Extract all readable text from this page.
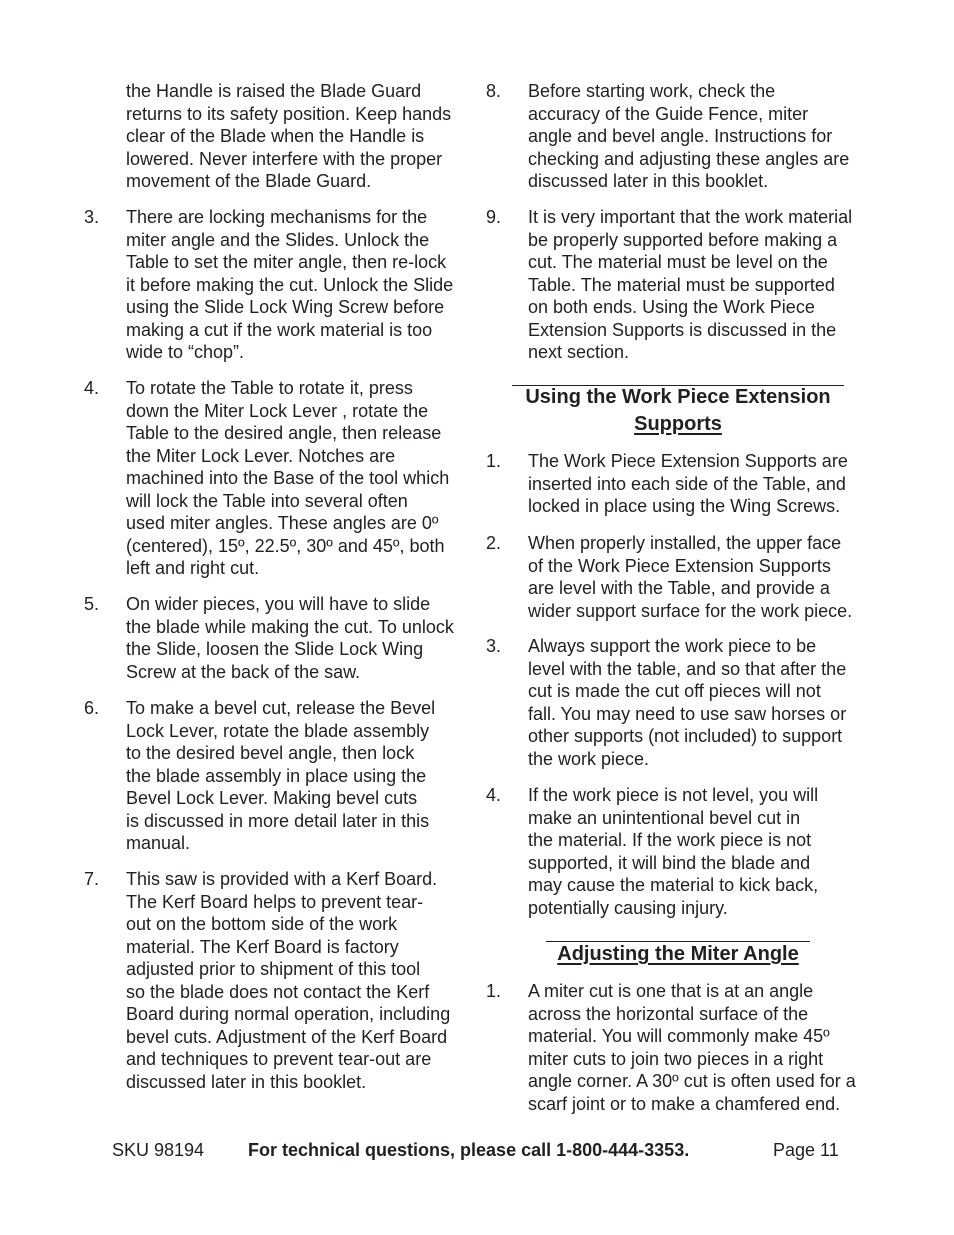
the Handle is raised the Blade Guard
returns to its safety position. Keep hands
clear of the Blade when the Handle is
lowered. Never interfere with the proper
movement of the Blade Guard.

3. There are locking mechanisms for the
miter angle and the Slides. Unlock the
Table to set the miter angle, then re-lock
it before making the cut. Unlock the Slide
using the Slide Lock Wing Screw before
making a cut if the work material is too
wide to “chop”.

4. To rotate the Table to rotate it, press
down the Miter Lock Lever , rotate the
Table to the desired angle, then release
the Miter Lock Lever. Notches are
machined into the Base of the tool which
will lock the Table into several often
used miter angles. These angles are 0º
(centered), 15º, 22.5º, 30º and 45º, both
left and right cut.

5. On wider pieces, you will have to slide
the blade while making the cut. To unlock
the Slide, loosen the Slide Lock Wing
Screw at the back of the saw.

6. To make a bevel cut, release the Bevel
Lock Lever, rotate the blade assembly
to the desired bevel angle, then lock
the blade assembly in place using the
Bevel Lock Lever. Making bevel cuts
is discussed in more detail later in this
manual.

7. This saw is provided with a Kerf Board.
The Kerf Board helps to prevent tear-
out on the bottom side of the work
material. The Kerf Board is factory
adjusted prior to shipment of this tool
so the blade does not contact the Kerf
Board during normal operation, including
bevel cuts. Adjustment of the Kerf Board
and techniques to prevent tear-out are
discussed later in this booklet.

8. Before starting work, check the
accuracy of the Guide Fence, miter
angle and bevel angle. Instructions for
checking and adjusting these angles are
discussed later in this booklet.

9. It is very important that the work material
be properly supported before making a
cut. The material must be level on the
Table. The material must be supported
on both ends. Using the Work Piece
Extension Supports is discussed in the
next section.

Using the Work Piece Extension
Supports

1. The Work Piece Extension Supports are
inserted into each side of the Table, and
locked in place using the Wing Screws.

2. When properly installed, the upper face
of the Work Piece Extension Supports
are level with the Table, and provide a
wider support surface for the work piece.

3. Always support the work piece to be
level with the table, and so that after the
cut is made the cut off pieces will not
fall. You may need to use saw horses or
other supports (not included) to support
the work piece.

4. If the work piece is not level, you will
make an unintentional bevel cut in
the material. If the work piece is not
supported, it will bind the blade and
may cause the material to kick back,
potentially causing injury.

Adjusting the Miter Angle

1. A miter cut is one that is at an angle
across the horizontal surface of the
material. You will commonly make 45º
miter cuts to join two pieces in a right
angle corner. A 30º cut is often used for a
scarf joint or to make a chamfered end.

SKU 98194 For technical questions, please call 1-800-444-3353.	Page 11
